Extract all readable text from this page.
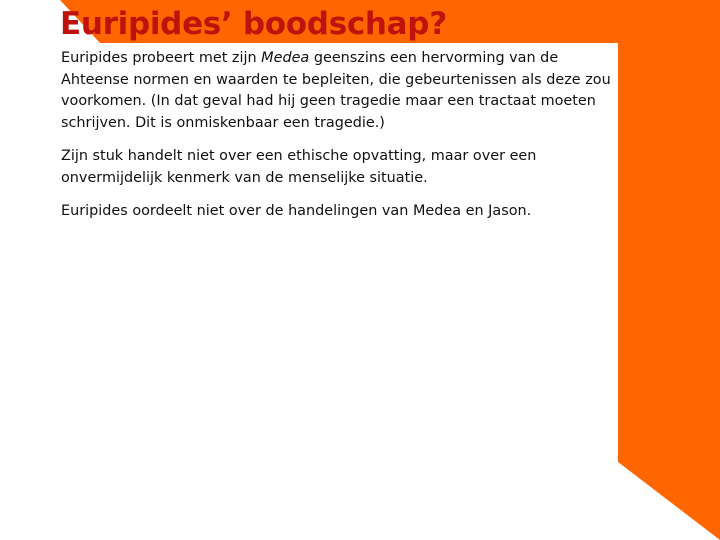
Euripides’ boodschap?

Euripides probeert met zijn Medea geenszins een hervorming van de Ahteense normen en waarden te bepleiten, die gebeurtenissen als deze zou voorkomen. (In dat geval had hij geen tragedie maar een tractaat moeten schrijven. Dit is onmiskenbaar een tragedie.)

Zijn stuk handelt niet over een ethische opvatting, maar over een onvermijdelijk kenmerk van de menselijke situatie.

Euripides oordeelt niet over de handelingen van Medea en Jason.
